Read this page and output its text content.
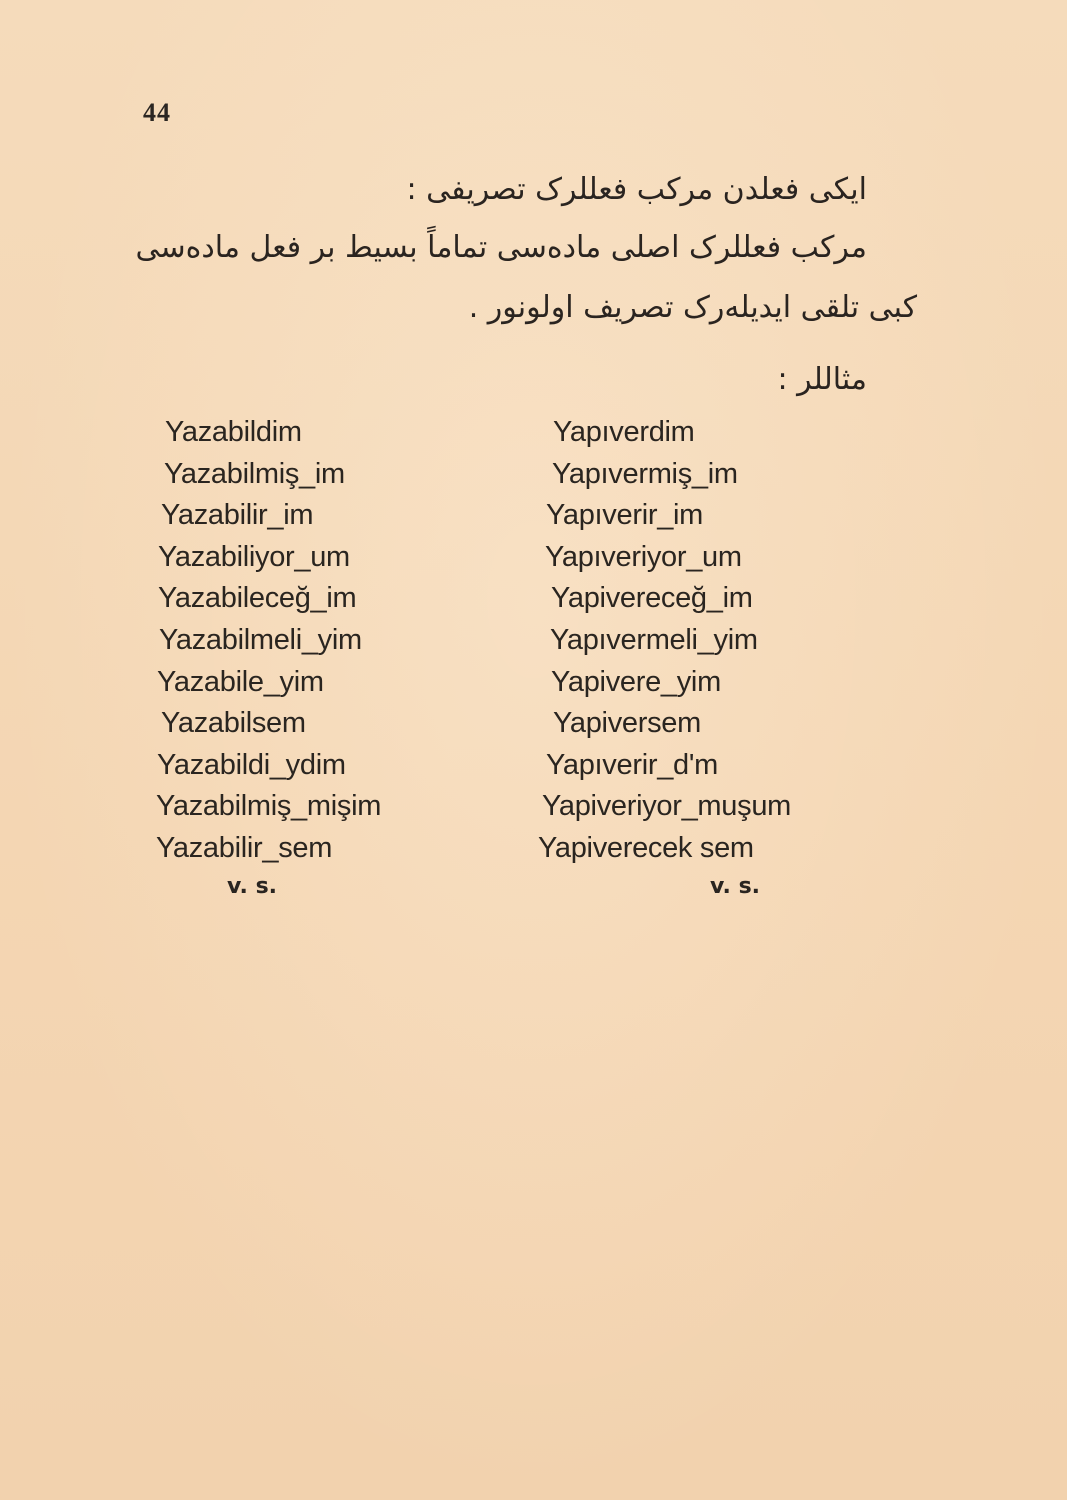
44
ایکی فعلدن مرکب فعللرک تصریفی :
مرکب فعللرک اصلی ماده‌سی تماماً بسیط بر فعل ماده‌سی
کبی تلقی ایدیله‌رک تصریف اولونور .
مثاللر :
Yazabildim
Yazabilmiş_im
Yazabilir_im
Yazabiliyor_um
Yazabileceğ_im
Yazabilmeli_yim
Yazabile_yim
Yazabilsem
Yazabildi_ydim
Yazabilmiş_mişim
Yazabilir_sem
v. s.
Yapıverdim
Yapıvermiş_im
Yapıverir_im
Yapıveriyor_um
Yapivereceğ_im
Yapıvermeli_yim
Yapivere_yim
Yapiversem
Yapıverir_d'm
Yapiveriyor_muşum
Yapiverecek sem
v. s.
